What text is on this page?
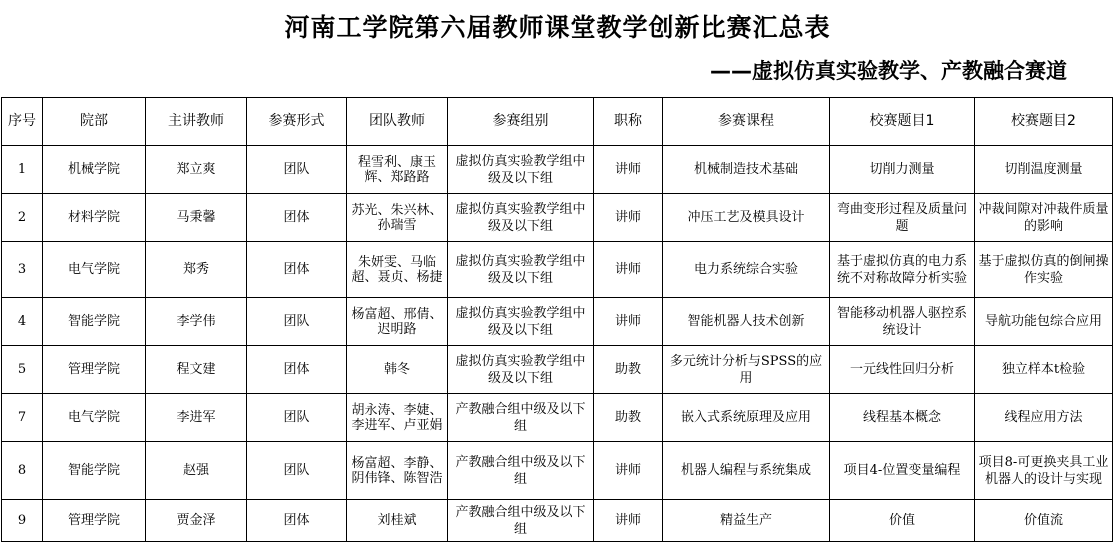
河南工学院第六届教师课堂教学创新比赛汇总表
——虚拟仿真实验教学、产教融合赛道
序号	院部	主讲教师	参赛形式	团队教师	参赛组别	职称	参赛课程	校赛题目1	校赛题目2
1	机械学院	郑立爽	团队	程雪利、康玉辉、郑路路	虚拟仿真实验教学组中级及以下组	讲师	机械制造技术基础	切削力测量	切削温度测量
2	材料学院	马秉馨	团体	苏光、朱兴林、孙瑞雪	虚拟仿真实验教学组中级及以下组	讲师	冲压工艺及模具设计	弯曲变形过程及质量问题	冲裁间隙对冲裁件质量的影响
3	电气学院	郑秀	团体	朱妍雯、马临超、聂贞、杨捷	虚拟仿真实验教学组中级及以下组	讲师	电力系统综合实验	基于虚拟仿真的电力系统不对称故障分析实验	基于虚拟仿真的倒闸操作实验
4	智能学院	李学伟	团队	杨富超、邢倩、迟明路	虚拟仿真实验教学组中级及以下组	讲师	智能机器人技术创新	智能移动机器人驱控系统设计	导航功能包综合应用
5	管理学院	程文建	团体	韩冬	虚拟仿真实验教学组中级及以下组	助教	多元统计分析与SPSS的应用	一元线性回归分析	独立样本t检验
7	电气学院	李进军	团队	胡永涛、李婕、李进军、卢亚娟	产教融合组中级及以下组	助教	嵌入式系统原理及应用	线程基本概念	线程应用方法
8	智能学院	赵强	团队	杨富超、李静、阴伟锋、陈智浩	产教融合组中级及以下组	讲师	机器人编程与系统集成	项目4-位置变量编程	项目8-可更换夹具工业机器人的设计与实现
9	管理学院	贾金泽	团体	刘桂斌	产教融合组中级及以下组	讲师	精益生产	价值	价值流
